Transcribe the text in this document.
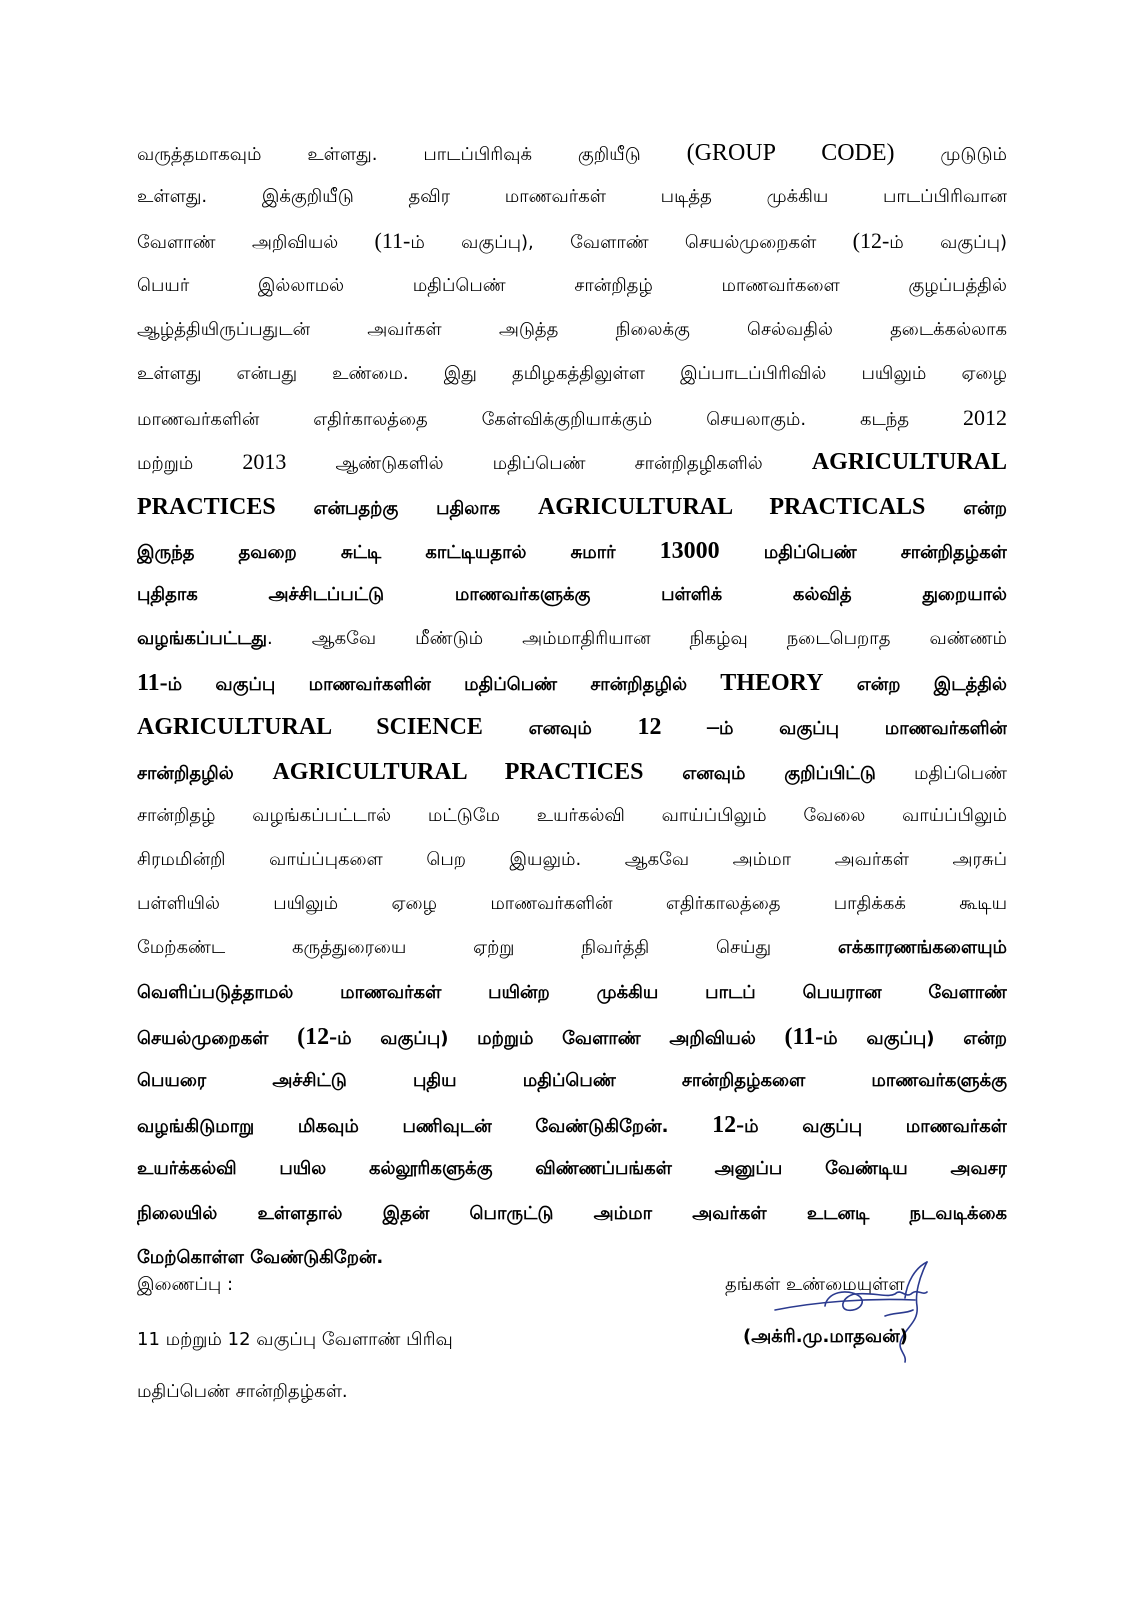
வருத்தமாகவும் உள்ளது. பாடப்பிரிவுக் குறியீடு (GROUP CODE) முடுடும்
உள்ளது. இக்குறியீடு தவிர மாணவர்கள் படித்த முக்கிய பாடப்பிரிவான
வேளாண் அறிவியல் (11-ம் வகுப்பு), வேளாண் செயல்முறைகள் (12-ம் வகுப்பு)
பெயர் இல்லாமல் மதிப்பெண் சான்றிதழ் மாணவர்களை குழப்பத்தில்
ஆழ்த்தியிருப்பதுடன் அவர்கள் அடுத்த நிலைக்கு செல்வதில் தடைக்கல்லாக
உள்ளது என்பது உண்மை. இது தமிழகத்திலுள்ள இப்பாடப்பிரிவில் பயிலும் ஏழை
மாணவர்களின் எதிர்காலத்தை கேள்விக்குறியாக்கும் செயலாகும். கடந்த 2012
மற்றும் 2013 ஆண்டுகளில் மதிப்பெண் சான்றிதழிகளில் AGRICULTURAL
PRACTICES என்பதற்கு பதிலாக AGRICULTURAL PRACTICALS என்ற
இருந்த தவறை சுட்டி காட்டியதால் சுமார் 13000 மதிப்பெண் சான்றிதழ்கள்
புதிதாக அச்சிடப்பட்டு மாணவர்களுக்கு பள்ளிக் கல்வித் துறையால்
வழங்கப்பட்டது. ஆகவே மீண்டும் அம்மாதிரியான நிகழ்வு நடைபெறாத வண்ணம்
11-ம் வகுப்பு மாணவர்களின் மதிப்பெண் சான்றிதழில் THEORY என்ற இடத்தில்
AGRICULTURAL SCIENCE எனவும் 12 –ம் வகுப்பு மாணவர்களின்
சான்றிதழில் AGRICULTURAL PRACTICES எனவும் குறிப்பிட்டு மதிப்பெண்
சான்றிதழ் வழங்கப்பட்டால் மட்டுமே உயர்கல்வி வாய்ப்பிலும் வேலை வாய்ப்பிலும்
சிரமமின்றி வாய்ப்புகளை பெற இயலும். ஆகவே அம்மா அவர்கள் அரசுப்
பள்ளியில் பயிலும் ஏழை மாணவர்களின் எதிர்காலத்தை பாதிக்கக் கூடிய
மேற்கண்ட கருத்துரையை ஏற்று நிவர்த்தி செய்து எக்காரணங்களையும்
வெளிப்படுத்தாமல் மாணவர்கள் பயின்ற முக்கிய பாடப் பெயரான வேளாண்
செயல்முறைகள் (12-ம் வகுப்பு) மற்றும் வேளாண் அறிவியல் (11-ம் வகுப்பு) என்ற
பெயரை அச்சிட்டு புதிய மதிப்பெண் சான்றிதழ்களை மாணவர்களுக்கு
வழங்கிடுமாறு மிகவும் பணிவுடன் வேண்டுகிறேன். 12-ம் வகுப்பு மாணவர்கள்
உயர்க்கல்வி பயில கல்லூரிகளுக்கு விண்ணப்பங்கள் அனுப்ப வேண்டிய அவசர
நிலையில் உள்ளதால் இதன் பொருட்டு அம்மா அவர்கள் உடனடி நடவடிக்கை
மேற்கொள்ள வேண்டுகிறேன்.
இணைப்பு :
11 மற்றும் 12 வகுப்பு வேளாண் பிரிவு
மதிப்பெண் சான்றிதழ்கள்.
தங்கள் உண்மையுள்ள
(அக்ரி.மு.மாதவன்)
